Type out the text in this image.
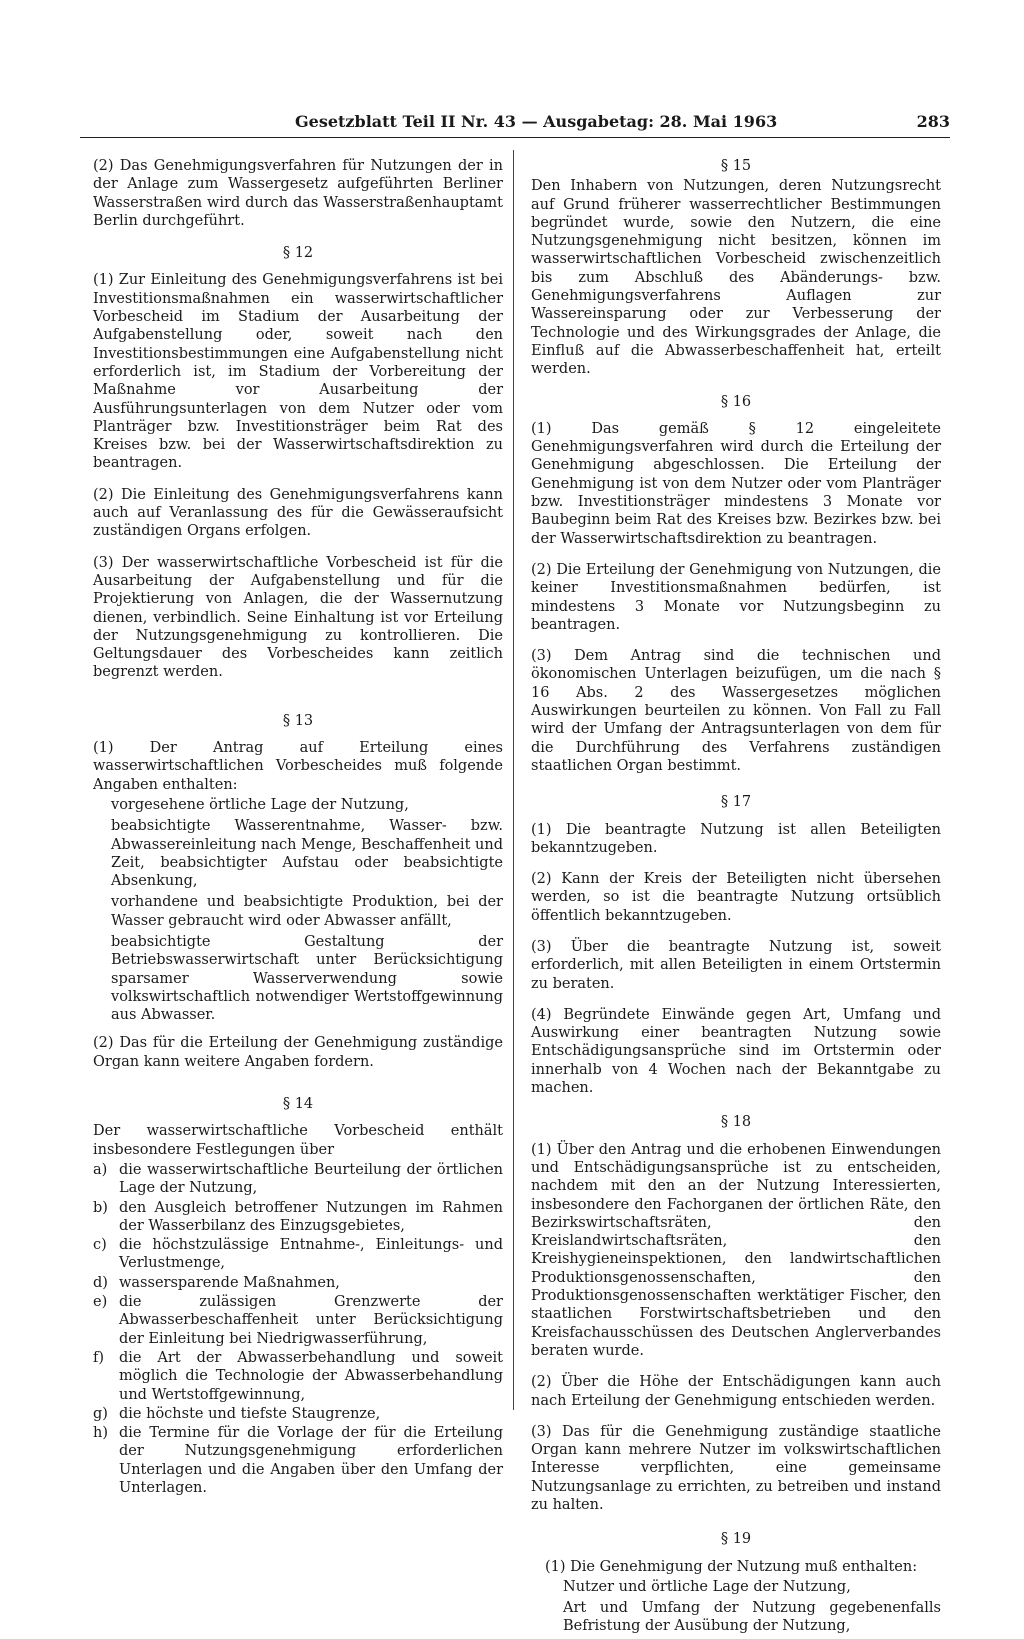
Gesetzblatt Teil II Nr. 43 — Ausgabetag: 28. Mai 1963	283

(2) Das Genehmigungsverfahren für Nutzungen der in der Anlage zum Wassergesetz aufgeführten Berliner Wasserstraßen wird durch das Wasserstraßenhauptamt Berlin durchgeführt.

§ 12

(1) Zur Einleitung des Genehmigungsverfahrens ist bei Investitionsmaßnahmen ein wasserwirtschaftlicher Vorbescheid im Stadium der Ausarbeitung der Aufgabenstellung oder, soweit nach den Investitionsbestimmungen eine Aufgabenstellung nicht erforderlich ist, im Stadium der Vorbereitung der Maßnahme vor Ausarbeitung der Ausführungsunterlagen von dem Nutzer oder vom Planträger bzw. Investitionsträger beim Rat des Kreises bzw. bei der Wasserwirtschaftsdirektion zu beantragen.

(2) Die Einleitung des Genehmigungsverfahrens kann auch auf Veranlassung des für die Gewässeraufsicht zuständigen Organs erfolgen.

(3) Der wasserwirtschaftliche Vorbescheid ist für die Ausarbeitung der Aufgabenstellung und für die Projektierung von Anlagen, die der Wassernutzung dienen, verbindlich. Seine Einhaltung ist vor Erteilung der Nutzungsgenehmigung zu kontrollieren. Die Geltungsdauer des Vorbescheides kann zeitlich begrenzt werden.

§ 13

(1) Der Antrag auf Erteilung eines wasserwirtschaftlichen Vorbescheides muß folgende Angaben enthalten:

vorgesehene örtliche Lage der Nutzung,
beabsichtigte Wasserentnahme, Wasser- bzw. Abwassereinleitung nach Menge, Beschaffenheit und Zeit, beabsichtigter Aufstau oder beabsichtigte Absenkung,
vorhandene und beabsichtigte Produktion, bei der Wasser gebraucht wird oder Abwasser anfällt,
beabsichtigte Gestaltung der Betriebswasserwirtschaft unter Berücksichtigung sparsamer Wasserverwendung sowie volkswirtschaftlich notwendiger Wertstoffgewinnung aus Abwasser.

(2) Das für die Erteilung der Genehmigung zuständige Organ kann weitere Angaben fordern.

§ 14

Der wasserwirtschaftliche Vorbescheid enthält insbesondere Festlegungen über

a) die wasserwirtschaftliche Beurteilung der örtlichen Lage der Nutzung,
b) den Ausgleich betroffener Nutzungen im Rahmen der Wasserbilanz des Einzugsgebietes,
c) die höchstzulässige Entnahme-, Einleitungs- und Verlustmenge,
d) wassersparende Maßnahmen,
e) die zulässigen Grenzwerte der Abwasserbeschaffenheit unter Berücksichtigung der Einleitung bei Niedrigwasserführung,
f)	die Art der Abwasserbehandlung und soweit möglich die Technologie der Abwasserbehandlung und Wertstoffgewinnung,
g) die höchste und tiefste Staugrenze,
h) die Termine für die Vorlage der für die Erteilung der Nutzungsgenehmigung erforderlichen Unterlagen und die Angaben über den Umfang der Unterlagen.
§ 15

Den Inhabern von Nutzungen, deren Nutzungsrecht auf Grund früherer wasserrechtlicher Bestimmungen begründet wurde, sowie den Nutzern, die eine Nutzungsgenehmigung nicht besitzen, können im wasserwirtschaftlichen Vorbescheid zwischenzeitlich bis zum Abschluß des Abänderungs- bzw. Genehmigungsverfahrens Auflagen zur Wassereinsparung oder zur Verbesserung der Technologie und des Wirkungsgrades der Anlage, die Einfluß auf die Abwasserbeschaffenheit hat, erteilt werden.

§ 16

(1) Das gemäß § 12 eingeleitete Genehmigungsverfahren wird durch die Erteilung der Genehmigung abgeschlossen. Die Erteilung der Genehmigung ist von dem Nutzer oder vom Planträger bzw. Investitionsträger mindestens 3 Monate vor Baubeginn beim Rat des Kreises bzw. Bezirkes bzw. bei der Wasserwirtschaftsdirektion zu beantragen.

(2) Die Erteilung der Genehmigung von Nutzungen, die keiner Investitionsmaßnahmen bedürfen, ist mindestens 3 Monate vor Nutzungsbeginn zu beantragen.

(3) Dem Antrag sind die technischen und ökonomischen Unterlagen beizufügen, um die nach § 16 Abs. 2 des Wassergesetzes möglichen Auswirkungen beurteilen zu können. Von Fall zu Fall wird der Umfang der Antragsunterlagen von dem für die Durchführung des Verfahrens zuständigen staatlichen Organ bestimmt.

§ 17

(1) Die beantragte Nutzung ist allen Beteiligten bekanntzugeben.

(2) Kann der Kreis der Beteiligten nicht übersehen werden, so ist die beantragte Nutzung ortsüblich öffentlich bekanntzugeben.

(3) Über die beantragte Nutzung ist, soweit erforderlich, mit allen Beteiligten in einem Ortstermin zu beraten.

(4) Begründete Einwände gegen Art, Umfang und Auswirkung einer beantragten Nutzung sowie Entschädigungsansprüche sind im Ortstermin oder innerhalb von 4 Wochen nach der Bekanntgabe zu machen.

§ 18

(1) Über den Antrag und die erhobenen Einwendungen und Entschädigungsansprüche ist zu entscheiden, nachdem mit den an der Nutzung Interessierten, insbesondere den Fachorganen der örtlichen Räte, den Bezirkswirtschaftsräten, den Kreislandwirtschaftsräten, den Kreishygieneinspektionen, den landwirtschaftlichen Produktionsgenossenschaften, den Produktionsgenossenschaften werktätiger Fischer, den staatlichen Forstwirtschaftsbetrieben und den Kreisfachausschüssen des Deutschen Anglerverbandes beraten wurde.

(2) Über die Höhe der Entschädigungen kann auch nach Erteilung der Genehmigung entschieden werden.

(3) Das für die Genehmigung zuständige staatliche Organ kann mehrere Nutzer im volkswirtschaftlichen Interesse verpflichten, eine gemeinsame Nutzungsanlage zu errichten, zu betreiben und instand zu halten.

§ 19

(1) Die Genehmigung der Nutzung muß enthalten:

Nutzer und örtliche Lage der Nutzung,
Art und Umfang der Nutzung gegebenenfalls Befristung der Ausübung der Nutzung,
